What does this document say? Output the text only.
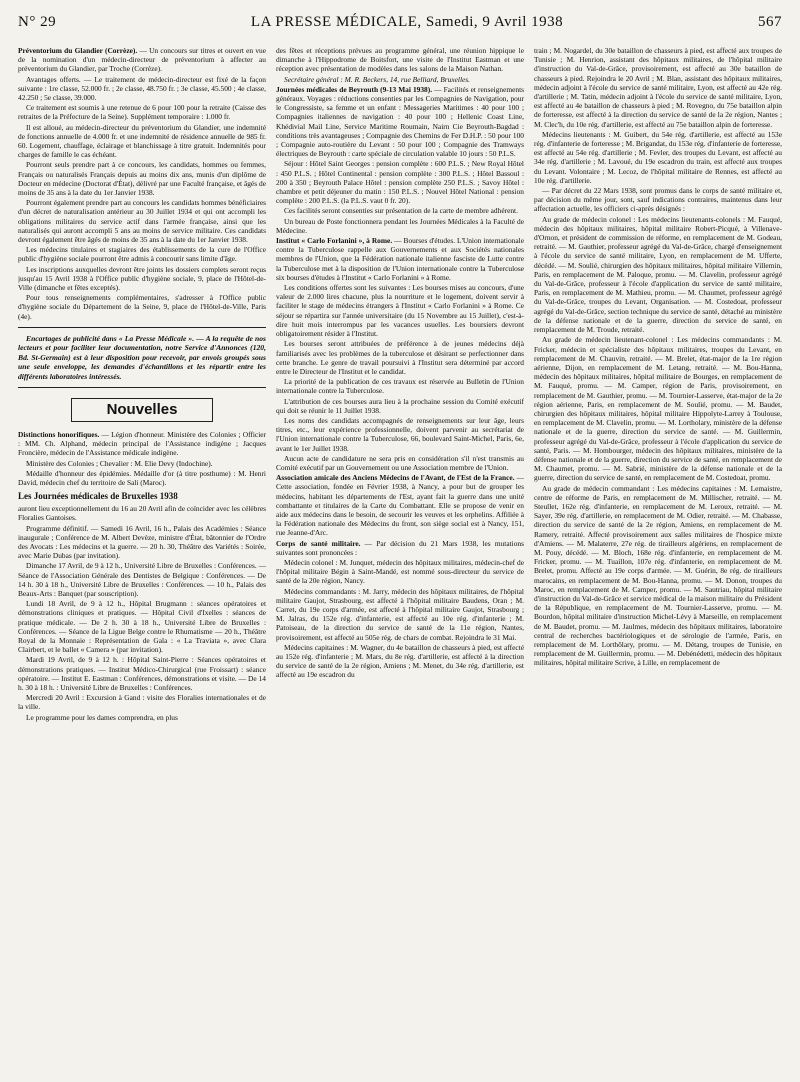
N° 29	LA PRESSE MÉDICALE, Samedi, 9 Avril 1938	567

Préventorium du Glandier (Corrèze). — Un concours sur titres et ouvert en vue de la nomination d'un médecin-directeur de préventorium à affecter au préventorium du Glandier, par Troche (Corrèze).

Avantages offerts. — Le traitement de médecin-directeur est fixé de la façon suivante : 1re classe, 52.000 fr. ; 2e classe, 48.750 fr. ; 3e classe, 45.500 ; 4e classe, 42.250 ; 5e classe, 39.000.

Ce traitement est soumis à une retenue de 6 pour 100 pour la retraite (Caisse des retraites de la Préfecture de la Seine). Supplément temporaire : 1.000 fr.

Il est alloué, au médecin-directeur du préventorium du Glandier, une indemnité de fonctions annuelle de 4.000 fr. et une indemnité de résidence annuelle de 985 fr. 60. Logement, chauffage, éclairage et blanchissage à titre gratuit. Indemnités pour charges de famille le cas échéant.

Pourront seuls prendre part à ce concours, les candidats, hommes ou femmes, Français ou naturalisés Français depuis au moins dix ans, munis d'un diplôme de Docteur en médecine (Doctorat d'État), délivré par une Faculté française, et âgés de moins de 35 ans à la date du 1er Janvier 1938.

Pourront également prendre part au concours les candidats hommes bénéficiaires d'un décret de naturalisation antérieur au 30 Juillet 1934 et qui ont accompli les obligations militaires du service actif dans l'armée française, ainsi que les naturalisés qui auront accompli 5 ans au moins de service militaire. Ces candidats devront également être âgés de moins de 35 ans à la date du 1er Janvier 1938.

Les médecins titulaires et stagiaires des établissements de la cure de l'Office public d'hygiène sociale pourront être admis à concourir sans limite d'âge.

Les inscriptions auxquelles devront être joints les dossiers complets seront reçus jusqu'au 15 Avril 1938 à l'Office public d'hygiène sociale, 9, place de l'Hôtel-de-Ville (dimanche et fêtes exceptés).

Pour tous renseignements complémentaires, s'adresser à l'Office public d'hygiène sociale du Département de la Seine, 9, place de l'Hôtel-de-Ville, Paris (4e).

Encartages de publicité dans « La Presse Médicale ». — A la requête de nos lecteurs et pour faciliter leur documentation, notre Service d'Annonces (120, Bd. St-Germain) est à leur disposition pour recevoir, par envois groupés sous une seule enveloppe, les demandes d'échantillons et les répartir entre les différents laboratoires intéressés.

Nouvelles

Distinctions honorifiques. — Légion d'honneur. Ministère des Colonies ; Officier : MM. Ch. Alphand, médecin principal de l'Assistance indigène ; Jacques Froncière, médecin de l'Assistance médicale indigène.

Ministère des Colonies ; Chevalier : M. Elie Devy (Indochine).

Médaille d'honneur des épidémies. Médaille d'or (à titre posthume) : M. Henri David, médecin chef du territoire de Sali (Maroc).

Les Journées médicales de Bruxelles 1938

auront lieu exceptionnellement du 16 au 20 Avril afin de coïncider avec les célèbres Floralies Gantoises.

Programme définitif. — Samedi 16 Avril, 16 h., Palais des Académies : Séance inaugurale ; Conférence de M. Albert Devèze, ministre d'État, bâtonnier de l'Ordre des Avocats : Les médecins et la guerre. — 20 h. 30, Théâtre des Variétés : Soirée, avec Marie Dubas (par invitation).

Dimanche 17 Avril, de 9 à 12 h., Université Libre de Bruxelles : Conférences. — Séance de l'Association Générale des Dentistes de Belgique : Conférences. — De 14 h. 30 à 18 h., Université Libre de Bruxelles : Conférences. — 10 h., Palais des Beaux-Arts : Banquet (par souscription).

Lundi 18 Avril, de 9 à 12 h., Hôpital Brugmann : séances opératoires et démonstrations cliniques et pratiques. — Hôpital Civil d'Ixelles : séances de pratique médicale. — De 2 h. 30 à 18 h., Université Libre de Bruxelles : Conférences. — Séance de la Ligue Belge contre le Rhumatisme — 20 h., Théâtre Royal de la Monnaie : Représentation de Gala : « La Traviata », avec Clara Clairbert, et le ballet « Camera » (par invitation).

Mardi 19 Avril, de 9 à 12 h. : Hôpital Saint-Pierre : Séances opératoires et démonstrations pratiques. — Institut Médico-Chirurgical (rue Froissart) : séance opératoire. — Institut E. Eastman : Conférences, démonstrations et visite. — De 14 h. 30 à 18 h. : Université Libre de Bruxelles : Conférences.

Mercredi 20 Avril : Excursion à Gand : visite des Floralies internationales et de la ville.

Le programme pour les dames comprendra, en plus

des fêtes et réceptions prévues au programme général, une réunion hippique le dimanche à l'Hippodrome de Boitsfort, une visite de l'Institut Eastman et une réception avec présentation de modèles dans les salons de la Maison Nathan.

Secrétaire général : M. R. Beckers, 14, rue Belliard, Bruxelles.

Journées médicales de Beyrouth (9-13 Mai 1938). — Facilités et renseignements généraux. Voyages : réductions consenties par les Compagnies de Navigation, pour le Congressiste, sa femme et un enfant : Messageries Maritimes : 40 pour 100 ; Compagnies italiennes de navigation : 40 pour 100 ; Hellenic Coast Line, Khédivial Mail Line, Service Maritime Roumain, Nairn Cie Beyrouth-Bagdad : conditions très avantageuses ; Compagnie des Chemins de Fer D.H.P. : 50 pour 100 ; Compagnie auto-routière du Levant : 50 pour 100 ; Compagnie des Tramways électriques de Beyrouth : carte spéciale de circulation valable 10 jours : 50 P.L.S.

Séjour : Hôtel Saint Georges : pension complète : 600 P.L.S. ; New Royal Hôtel : 450 P.L.S. ; Hôtel Continental : pension complète : 300 P.L.S. ; Hôtel Bassoul : 200 à 350 ; Beyrouth Palace Hôtel : pension complète 250 P.L.S. ; Savoy Hôtel : chambre et petit déjeuner du matin : 150 P.L.S. ; Nouvel Hôtel National : pension complète : 200 P.L.S. (la P.L.S. vaut 0 fr. 20).

Ces facilités seront consenties sur présentation de la carte de membre adhérent.

Un bureau de Poste fonctionnera pendant les Journées Médicales à la Faculté de Médecine.

Institut « Carlo Forlanini », à Rome. — Bourses d'études. L'Union internationale contre la Tuberculose rappelle aux Gouvernements et aux Sociétés nationales membres de l'Union, que la Fédération nationale italienne fasciste de Lutte contre la Tuberculose met à la disposition de l'Union internationale contre la Tuberculose six bourses d'études à l'Institut « Carlo Forlanini » à Rome.

Les conditions offertes sont les suivantes : Les bourses mises au concours, d'une valeur de 2.000 lires chacune, plus la nourriture et le logement, doivent servir à faciliter le stage de médecins étrangers à l'Institut « Carlo Forlanini » à Rome. Ce séjour se répartira sur l'année universitaire (du 15 Novembre au 15 Juillet), c'est-à-dire huit mois interrompus par les vacances usuelles. Les boursiers devront obligatoirement résider à l'Institut.

Les bourses seront attribuées de préférence à de jeunes médecins déjà familiarisés avec les problèmes de la tuberculose et désirant se perfectionner dans cette branche. Le genre de travail poursuivi à l'Institut sera déterminé par accord entre le Directeur de l'Institut et le candidat.

La priorité de la publication de ces travaux est réservée au Bulletin de l'Union internationale contre la Tuberculose.

L'attribution de ces bourses aura lieu à la prochaine session du Comité exécutif qui doit se réunir le 11 Juillet 1938.

Les noms des candidats accompagnés de renseignements sur leur âge, leurs titres, etc., leur expérience professionnelle, doivent parvenir au secrétariat de l'Union internationale contre la Tuberculose, 66, boulevard Saint-Michel, Paris, 6e, avant le 1er Juillet 1938.

Aucun acte de candidature ne sera pris en considération s'il n'est transmis au Comité exécutif par un Gouvernement ou une Association membre de l'Union.

Association amicale des Anciens Médecins de l'Avant, de l'Est de la France. — Cette association, fondée en Février 1938, à Nancy, a pour but de grouper les médecins, habitant les départements de l'Est, ayant fait la guerre dans une unité combattante et titulaires de la Carte du Combattant. Elle se propose de venir en aide aux médecins dans le besoin, de secourir les veuves et les orphelins. Affiliée à la Fédération nationale des Médecins du front, son siège social est à Nancy, 151, rue Jeanne-d'Arc.

Corps de santé militaire. — Par décision du 21 Mars 1938, les mutations suivantes sont prononcées :

Médecin colonel : M. Junquet, médecin des hôpitaux militaires, médecin-chef de l'hôpital militaire Bégin à Saint-Mandé, est nommé sous-directeur du service de santé de la 20e région, Nancy.

Médecins commandants : M. Jarry, médecin des hôpitaux militaires, de l'hôpital militaire Gaujot, Strasbourg, est affecté à l'hôpital militaire Baudens, Oran ; M. Carret, du 19e corps d'armée, est affecté à l'hôpital militaire Gaujot, Strasbourg ; M. Jalras, du 152e rég. d'infanterie, est affecté au 10e rég. d'infanterie ; M. Patoiseau, de la direction du service de santé de la 11e région, Nantes, provisoirement, est affecté au 505e rég. de chars de combat. Rejoindra le 31 Mai.

Médecins capitaines : M. Wagner, du 4e bataillon de chasseurs à pied, est affecté au 152e rég. d'infanterie ; M. Mars, du 8e rég. d'artillerie, est affecté à la direction du service de santé de la 2e région, Amiens ; M. Menet, du 34e rég. d'artillerie, est affecté au 19e escadron du

train ; M. Nogardel, du 30e bataillon de chasseurs à pied, est affecté aux troupes de Tunisie ; M. Henrion, assistant des hôpitaux militaires, de l'hôpital militaire d'instruction du Val-de-Grâce, provisoirement, est affecté au 30e bataillon de chasseurs à pied. Rejoindra le 20 Avril ; M. Blan, assistant des hôpitaux militaires, médecin adjoint à l'école du service de santé militaire, Lyon, est affecté au 42e rég. d'artillerie ; M. Tatin, médecin adjoint à l'école du service de santé militaire, Lyon, est affecté au 4e bataillon de chasseurs à pied ; M. Rovegno, du 75e bataillon alpin de forteresse, est affecté à la direction du service de santé de la 2e région, Nantes ; M. Clec'h, du 10e rég. d'artillerie, est affecté au 75e bataillon alpin de forteresse.

Médecins lieutenants : M. Guibert, du 54e rég. d'artillerie, est affecté au 153e rég. d'infanterie de forteresse ; M. Brigandat, du 153e rég. d'infanterie de forteresse, est affecté au 54e rég. d'artillerie ; M. Fevler, des troupes du Levant, est affecté au 34e rég. d'artillerie ; M. Lavoué, du 19e escadron du train, est affecté aux troupes du Levant. Volontaire ; M. Lecoz, de l'hôpital militaire de Rennes, est affecté au 10e rég. d'artillerie.

— Par décret du 22 Mars 1938, sont promus dans le corps de santé militaire et, par décision du même jour, sont, sauf indications contraires, maintenus dans leur affectation actuelle, les officiers ci-après désignés :

Au grade de médecin colonel : Les médecins lieutenants-colonels : M. Fauqué, médecin des hôpitaux militaires, hôpital militaire Robert-Picqué, à Villenave-d'Ornon, et président de commission de réforme, en remplacement de M. Godeau, retraité. — M. Gauthier, professeur agrégé du Val-de-Grâce, chargé d'enseignement à l'école du service de santé militaire, Lyon, en remplacement de M. Ufferte, décédé. — M. Soulié, chirurgien des hôpitaux militaires, hôpital militaire Villemin, Paris, en remplacement de M. Paloque, promu. — M. Clavelin, professeur agrégé du Val-de-Grâce, professeur à l'école d'application du service de santé militaire, Paris, en remplacement de M. Mathieu, promu. — M. Chaumet, professeur agrégé du Val-de-Grâce, troupes du Levant, Organisation. — M. Costedoat, professeur agrégé du Val-de-Grâce, section technique du service de santé, détaché au ministère de la défense nationale et de la guerre, direction du service de santé, en remplacement de M. Troude, retraité.

Au grade de médecin lieutenant-colonel : Les médecins commandants : M. Fricker, médecin et spécialiste des hôpitaux militaires, troupes du Levant, en remplacement de M. Chauvin, retraité. — M. Brelet, état-major de la 1re région aérienne, Dijon, en remplacement de M. Letang, retraité. — M. Bou-Hanna, médecin des hôpitaux militaires, hôpital militaire de Bourges, en remplacement de M. Fauqué, promu. — M. Camper, région de Paris, provisoirement, en remplacement de M. Gauthier, promu. — M. Tournier-Lasserve, état-major de la 2e région aérienne, Paris, en remplacement de M. Soulié, promu. — M. Baudet, chirurgien des hôpitaux militaires, hôpital militaire Hippolyte-Larrey à Toulouse, en remplacement de M. Clavelin, promu. — M. Lortholary, ministère de la défense nationale et de la guerre, direction du service de santé. — M. Guillermin, professeur agrégé du Val-de-Grâce, professeur à l'école d'application du service de santé, Paris. — M. Hombourger, médecin des hôpitaux militaires, ministère de la défense nationale et de la guerre, direction du service de santé, en remplacement de M. Chaumet, promu. — M. Sabrié, ministère de la défense nationale et de la guerre, direction du service de santé, en remplacement de M. Costedoat, promu.

Au grade de médecin commandant : Les médecins capitaines : M. Lemaistre, centre de réforme de Paris, en remplacement de M. Millischer, retraité. — M. Steullet, 162e rég. d'infanterie, en remplacement de M. Leroux, retraité. — M. Sayer, 39e rég. d'artillerie, en remplacement de M. Odier, retraité. — M. Chabasse, direction du service de santé de la 2e région, Amiens, en remplacement de M. Ramery, retraité. Affecté provisoirement aux salles militaires de l'hospice mixte d'Amiens. — M. Malaterre, 27e rég. de tirailleurs algériens, en remplacement de M. Pouy, décédé. — M. Bloch, 168e rég. d'infanterie, en remplacement de M. Fricker, promu. — M. Tuaillon, 107e rég. d'infanterie, en remplacement de M. Brelet, promu. Affecté au 19e corps d'armée. — M. Guérin, 8e rég. de tirailleurs marocains, en remplacement de M. Bou-Hanna, promu. — M. Donon, troupes du Maroc, en remplacement de M. Camper, promu. — M. Sautriau, hôpital militaire d'instruction du Val-de-Grâce et service médical de la maison militaire du Président de la République, en remplacement de M. Tournier-Lasserve, promu. — M. Bourdon, hôpital militaire d'instruction Michel-Lévy à Marseille, en remplacement de M. Baudet, promu. — M. Jaulmes, médecin des hôpitaux militaires, laboratoire central de recherches bactériologiques et de sérologie de l'armée, Paris, en remplacement de M. Lorthôlary, promu. — M. Détang, troupes de Tunisie, en remplacement de M. Guillermin, promu. — M. Debénédetti, médecin des hôpitaux militaires, hôpital militaire Scrive, à Lille, en remplacement de
